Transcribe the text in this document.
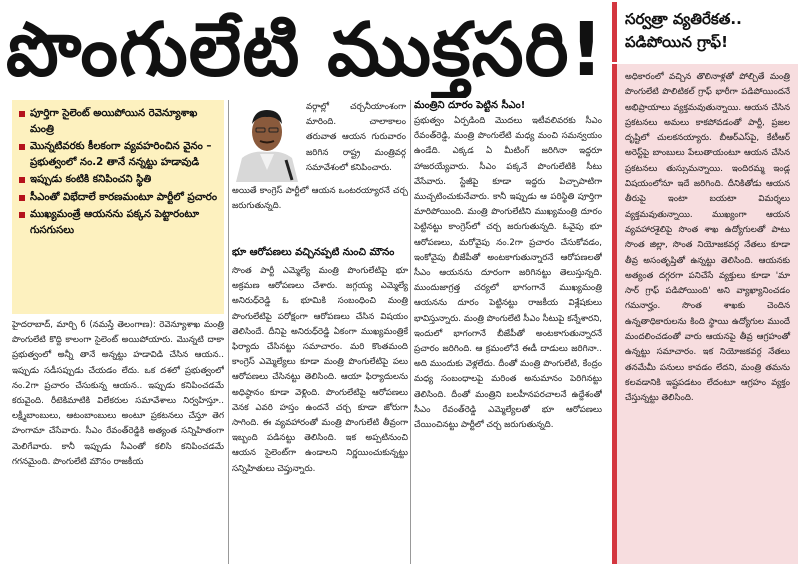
పొంగులేటి ముక్తసరి!
పూర్తిగా సైలెంట్ అయిపోయిన రెవెన్యూశాఖ మంత్రి
మొన్నటివరకు కీలకంగా వ్యవహరించిన వైనం – ప్రభుత్వంలో నం.2 తానే నన్నట్టు హడావుడి
ఇప్పుడు కంటికి కనిపించని స్థితి
సీఎంతో విభేదాలే కారణమంటూ పార్టీలో ప్రచారం
ముఖ్యమంత్రే ఆయనను పక్కన పెట్టారంటూ గుసగుసలు

హైదరాబాద్, మార్చి 6 (నమస్తే తెలంగాణ): రెవెన్యూశాఖ మంత్రి పొంగులేటి కొద్ది కాలంగా సైలెంట్ అయిపోయారు. మొన్నటి దాకా ప్రభుత్వంలో అన్నీ తానే అన్నట్టు హడావిడి చేసిన ఆయన.. ఇప్పుడు సడీసప్పుడు చేయడం లేదు. ఒక దశలో ప్రభుత్వంలో నం.2గా ప్రచారం చేసుకున్న ఆయన.. ఇప్పుడు కనిపించడమే కరువైంది. రీటెకిమాటికి విలేకరుల సమావేశాలు నిర్వహిస్తూ.. లక్ష్మీబాంబులు, ఆటంబాంబులు అంటూ ప్రకటనలు చేస్తూ తెగ హంగామా చేసేవారు. సీఎం రేవంత్‌రెడ్డికి అత్యంత సన్నిహితంగా మెలిగేవారు. కానీ ఇప్పుడు సీఎంతో కలిసి కనిపించడమే గగనమైంది. పొంగులేటి మౌనం రాజకీయ

వర్గాల్లో చర్చనీయాంశంగా మారింది. చాలాకాలం తరువాత ఆయన గురువారం జరిగిన రాష్ట్ర మంత్రివర్గ సమావేశంలో కనిపించారు.

అయితే కాంగ్రెస్ పార్టీలో ఆయన ఒంటరయ్యారనే చర్చ జరుగుతున్నది.

భూ ఆరోపణలు వచ్చినప్పటి నుంచి మౌనం

సొంత పార్టీ ఎమ్మెల్యే మంత్రి పొంగులేటిపై భూ అక్రమణ ఆరోపణలు చేశారు. జగ్గయ్య ఎమ్మెల్యే అనిరుధ్‌రెడ్డి ఓ భూమికి సంబంధించి మంత్రి పొంగులేటిపై పరోక్షంగా ఆరోపణలు చేసిన విషయం తెలిసిందే. దీనిపై అనిరుధ్‌రెడ్డి ఏకంగా ముఖ్యమంత్రికే ఫిర్యాదు చేసినట్టు సమాచారం. మరి కొంతమంది కాంగ్రెస్ ఎమ్మెల్యేలు కూడా మంత్రి పొంగులేటిపై పలు ఆరోపణలు చేసినట్టు తెలిసింది. ఆయా ఫిర్యాదులను అధిష్ఠానం కూడా వెళ్లింది. పొంగులేటిపై ఆరోపణలు వెనక ఎవరి హస్తం ఉందనే చర్చ కూడా జోరుగా సాగింది. ఈ వ్యవహారంతో మంత్రి పొంగులేటి తీవ్రంగా ఇబ్బంది పడినట్టు తెలిసింది. ఇక అప్పటినుంచి ఆయన సైలెంట్‌గా ఉండాలని నిర్ణయించుకున్నట్టు సన్నిహితులు చెప్తున్నారు.

మంత్రిని దూరం పెట్టిన సీఎం!

ప్రభుత్వం ఏర్పడింది మొదలు ఇటీవలివరకు సీఎం రేవంత్‌రెడ్డి, మంత్రి పొంగులేటి మధ్య మంచి సమన్వయం ఉండేది. ఎక్కడ ఏ మీటింగ్ జరిగినా ఇద్దరూ హాజరయ్యేవారు. సీఎం పక్కనే పొంగులేటికి సీటు వేసేవారు. స్టేజీపై కూడా ఇద్దరు పిచ్చాపాటిగా ముచ్చటించుకునేవారు. కానీ ఇప్పుడు ఆ పరిస్థితి పూర్తిగా మారిపోయింది. మంత్రి పొంగులేటిని ముఖ్యమంత్రి దూరం పెట్టినట్టు కాంగ్రెస్‌లో చర్చ జరుగుతున్నది. ఓవైపు భూ ఆరోపణలు, మరోవైపు నం.2గా ప్రచారం చేసుకోవడం, ఇంకోవైపు బీజేపీతో అంటకాగుతున్నారనే ఆరోపణలతో సీఎం ఆయనను దూరంగా జరిగినట్టు తెలుస్తున్నది. ముందుజాగ్రత్త చర్యలో భాగంగానే ముఖ్యమంత్రి ఆయనను దూరం పెట్టినట్టు రాజకీయ విశ్లేషకులు భావిస్తున్నారు. మంత్రి పొంగులేటి సీఎం సీటుపై కన్నేశారని, ఇందులో భాగంగానే బీజేపీతో అంటకాగుతున్నారనే ప్రచారం జరిగింది. ఆ క్రమంలోనే ఈడీ దాడులు జరిగినా.. అది ముందుకు వెళ్లలేదు. దీంతో మంత్రి పొంగులేటి, కేంద్రం మధ్య సంబంధాలపై మరింత అనుమానం పెరిగినట్టు తెలిసింది. దీంతో మంత్రిని బలహీనపరచాలనే ఉద్దేశంతో సీఎం రేవంత్‌రెడ్డి ఎమ్మెల్యేలతో భూ ఆరోపణలు చేయించినట్టు పార్టీలో చర్చ జరుగుతున్నది.

సర్వత్రా వ్యతిరేకత.. పడిపోయిన గ్రాఫ్!
అధికారంలో వచ్చిన తొలినాళ్లతో పోల్చితే మంత్రి పొంగులేటి పొలిటికల్ గ్రాఫ్ భారీగా పడిపోయిందనే అభిప్రాయాలు వ్యక్తమవుతున్నాయి. ఆయన చేసిన ప్రకటనలు అమలు కాకపోవడంతో పార్టీ, ప్రజల దృష్టిలో చులకనయ్యారు. బీఆర్‌ఎస్‌పై, కేటీఆర్ అరెస్ట్‌పై బాంబులు పేలుతాయంటూ ఆయన చేసిన ప్రకటనలు తుస్సుమన్నాయి. ఇందిరమ్మ ఇండ్ల విషయంలోనూ ఇదే జరిగింది. దీనికితోడు ఆయన తీరుపై ఇంటా బయటా విమర్శలు వ్యక్తమవుతున్నాయి. ముఖ్యంగా ఆయన వ్యవహారశైలిపై సొంత శాఖ ఉద్యోగులతో పాటు సొంత జిల్లా, సొంత నియోజకవర్గ నేతలు కూడా తీవ్ర అసంతృప్తితో ఉన్నట్టు తెలిసింది. ఆయనకు అత్యంత దగ్గరగా పనిచేసే వ్యక్తులు కూడా 'మా సార్ గ్రాఫ్ పడిపోయింది' అని వ్యాఖ్యానించడం గమనార్హం. సొంత శాఖకు చెందిన ఉన్నతాధికారులను కింది స్థాయి ఉద్యోగుల ముందే మందలించడంతో వారు ఆయనపై తీవ్ర ఆగ్రహంతో ఉన్నట్టు సమాచారం. ఇక నియోజకవర్గ నేతలు తనమేమీ పనులు కావడం లేదని, మంత్రి తమను కలవడానికి ఇష్టపడటం లేదంటూ ఆగ్రహం వ్యక్తం చేస్తున్నట్టు తెలిసింది.
